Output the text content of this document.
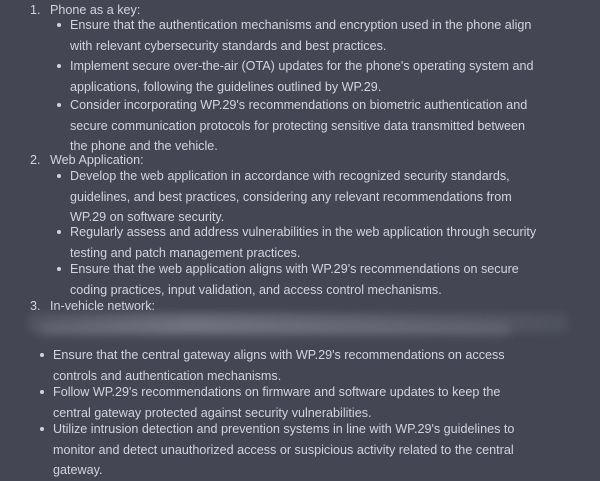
1. Phone as a key:
Ensure that the authentication mechanisms and encryption used in the phone align
with relevant cybersecurity standards and best practices.
Implement secure over-the-air (OTA) updates for the phone's operating system and
applications, following the guidelines outlined by WP.29.
Consider incorporating WP.29's recommendations on biometric authentication and
secure communication protocols for protecting sensitive data transmitted between
the phone and the vehicle.
2. Web Application:
Develop the web application in accordance with recognized security standards,
guidelines, and best practices, considering any relevant recommendations from
WP.29 on software security.
Regularly assess and address vulnerabilities in the web application through security
testing and patch management practices.
Ensure that the web application aligns with WP.29's recommendations on secure
coding practices, input validation, and access control mechanisms.
3. In-vehicle network:
Ensure that the central gateway aligns with WP.29's recommendations on access
controls and authentication mechanisms.
Follow WP.29's recommendations on firmware and software updates to keep the
central gateway protected against security vulnerabilities.
Utilize intrusion detection and prevention systems in line with WP.29's guidelines to
monitor and detect unauthorized access or suspicious activity related to the central
gateway.
